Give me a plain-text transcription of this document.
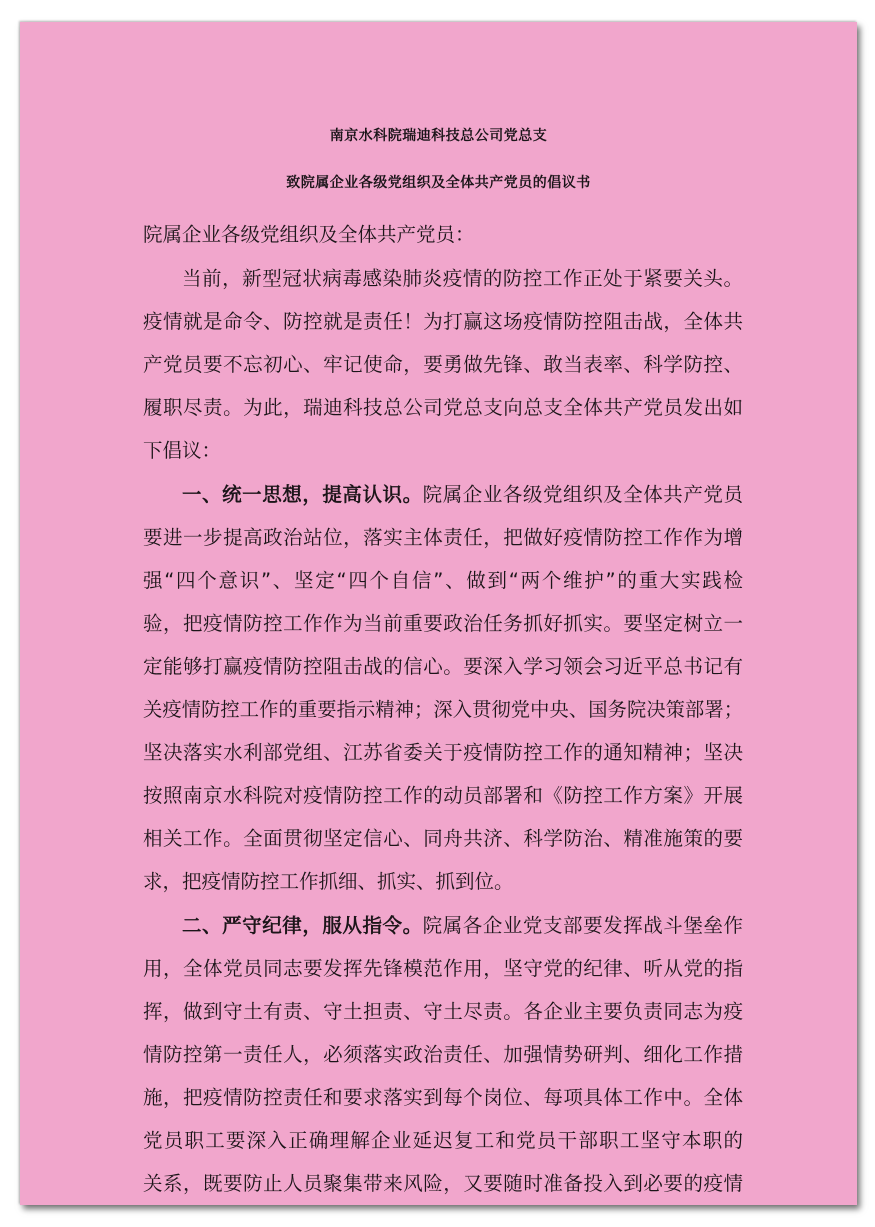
南京水科院瑞迪科技总公司党总支
致院属企业各级党组织及全体共产党员的倡议书
院属企业各级党组织及全体共产党员：
当前，新型冠状病毒感染肺炎疫情的防控工作正处于紧要关头。
疫情就是命令、防控就是责任！为打赢这场疫情防控阻击战，全体共
产党员要不忘初心、牢记使命，要勇做先锋、敢当表率、科学防控、
履职尽责。为此，瑞迪科技总公司党总支向总支全体共产党员发出如
下倡议：
一、统一思想，提高认识。院属企业各级党组织及全体共产党员
要进一步提高政治站位，落实主体责任，把做好疫情防控工作作为增
强“四个意识”、坚定“四个自信”、做到“两个维护”的重大实践检
验，把疫情防控工作作为当前重要政治任务抓好抓实。要坚定树立一
定能够打赢疫情防控阻击战的信心。要深入学习领会习近平总书记有
关疫情防控工作的重要指示精神；深入贯彻党中央、国务院决策部署；
坚决落实水利部党组、江苏省委关于疫情防控工作的通知精神；坚决
按照南京水科院对疫情防控工作的动员部署和《防控工作方案》开展
相关工作。全面贯彻坚定信心、同舟共济、科学防治、精准施策的要
求，把疫情防控工作抓细、抓实、抓到位。
二、严守纪律，服从指令。院属各企业党支部要发挥战斗堡垒作
用，全体党员同志要发挥先锋模范作用，坚守党的纪律、听从党的指
挥，做到守土有责、守土担责、守土尽责。各企业主要负责同志为疫
情防控第一责任人，必须落实政治责任、加强情势研判、细化工作措
施，把疫情防控责任和要求落实到每个岗位、每项具体工作中。全体
党员职工要深入正确理解企业延迟复工和党员干部职工坚守本职的
关系，既要防止人员聚集带来风险，又要随时准备投入到必要的疫情
